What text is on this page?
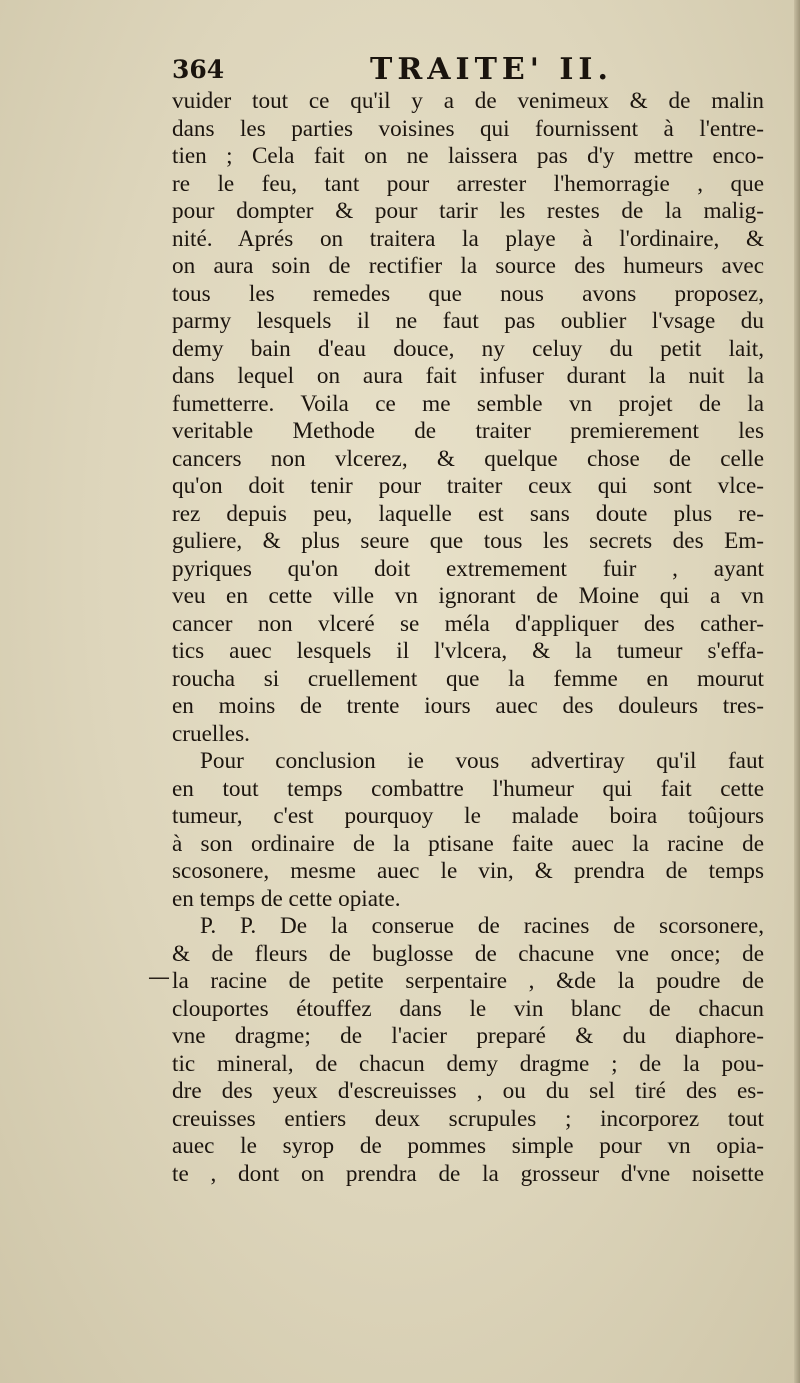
364	TRAITE' II.
—
vuider tout ce qu'il y a de venimeux & de malin
dans les parties voisines qui fournissent à l'entre-
tien ; Cela fait on ne laissera pas d'y mettre enco-
re le feu, tant pour arrester l'hemorragie , que
pour dompter & pour tarir les restes de la malig-
nité. Aprés on traitera la playe à l'ordinaire, &
on aura soin de rectifier la source des humeurs avec
tous les remedes que nous avons proposez,
parmy lesquels il ne faut pas oublier l'vsage du
demy bain d'eau douce, ny celuy du petit lait,
dans lequel on aura fait infuser durant la nuit la
fumetterre. Voila ce me semble vn projet de la
veritable Methode de traiter premierement les
cancers non vlcerez, & quelque chose de celle
qu'on doit tenir pour traiter ceux qui sont vlce-
rez depuis peu, laquelle est sans doute plus re-
guliere, & plus seure que tous les secrets des Em-
pyriques qu'on doit extremement fuir , ayant
veu en cette ville vn ignorant de Moine qui a vn
cancer non vlceré se méla d'appliquer des cather-
tics auec lesquels il l'vlcera, & la tumeur s'effa-
roucha si cruellement que la femme en mourut
en moins de trente iours auec des douleurs tres-
cruelles.
Pour conclusion ie vous advertiray qu'il faut
en tout temps combattre l'humeur qui fait cette
tumeur, c'est pourquoy le malade boira toûjours
à son ordinaire de la ptisane faite auec la racine de
scosonere, mesme auec le vin, & prendra de temps
en temps de cette opiate.
P. P. De la conserue de racines de scorsonere,
& de fleurs de buglosse de chacune vne once; de
la racine de petite serpentaire , &de la poudre de
clouportes étouffez dans le vin blanc de chacun
vne dragme; de l'acier preparé & du diaphore-
tic mineral, de chacun demy dragme ; de la pou-
dre des yeux d'escreuisses , ou du sel tiré des es-
creuisses entiers deux scrupules ; incorporez tout
auec le syrop de pommes simple pour vn opia-
te , dont on prendra de la grosseur d'vne noisette
